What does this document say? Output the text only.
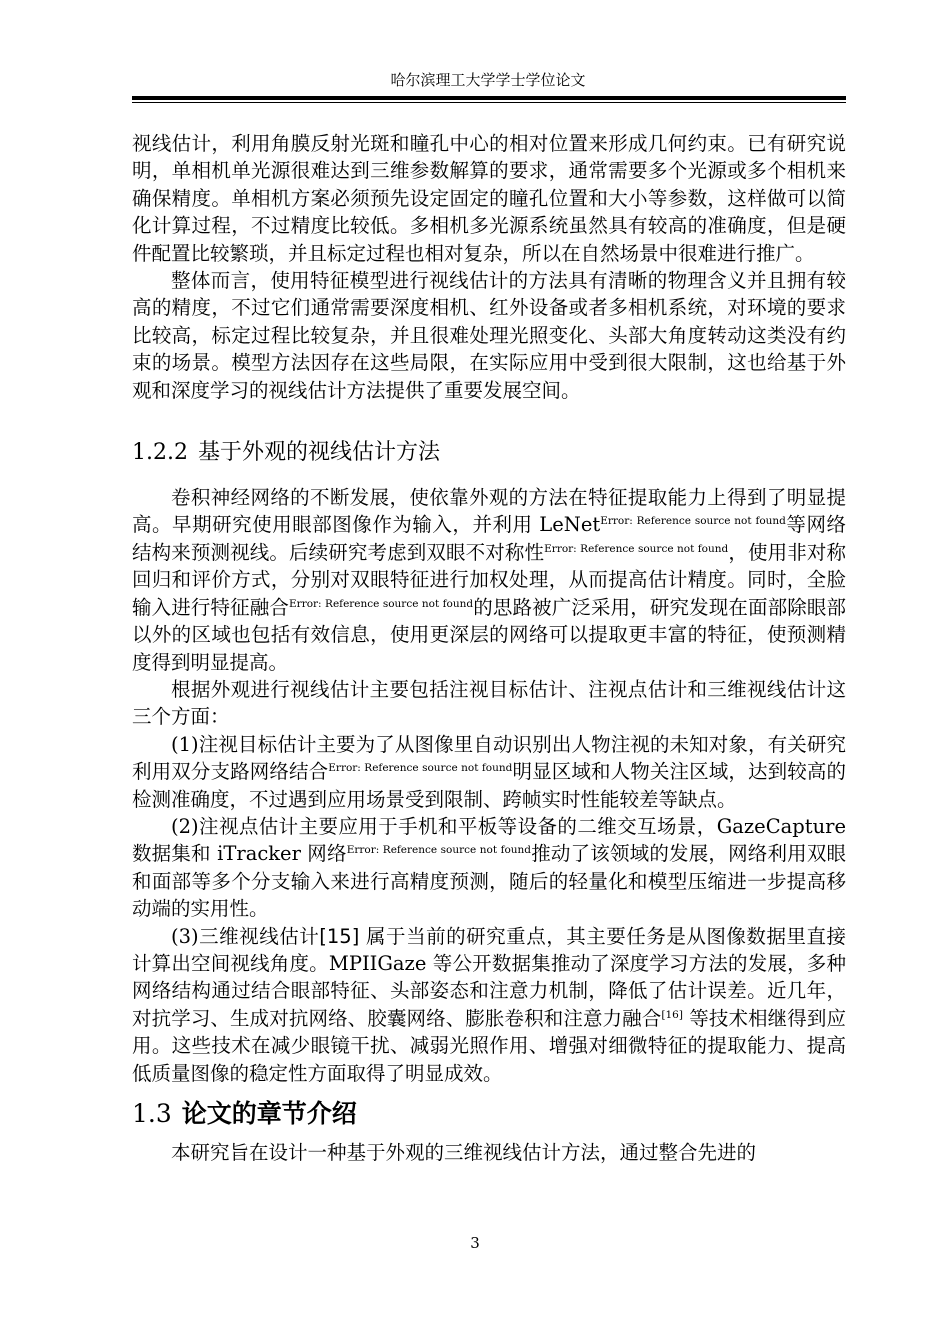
哈尔滨理工大学学士学位论文

视线估计，利用角膜反射光斑和瞳孔中心的相对位置来形成几何约束。已有研究说明，单相机单光源很难达到三维参数解算的要求，通常需要多个光源或多个相机来确保精度。单相机方案必须预先设定固定的瞳孔位置和大小等参数，这样做可以简化计算过程，不过精度比较低。多相机多光源系统虽然具有较高的准确度，但是硬件配置比较繁琐，并且标定过程也相对复杂，所以在自然场景中很难进行推广。

整体而言，使用特征模型进行视线估计的方法具有清晰的物理含义并且拥有较高的精度，不过它们通常需要深度相机、红外设备或者多相机系统，对环境的要求比较高，标定过程比较复杂，并且很难处理光照变化、头部大角度转动这类没有约束的场景。模型方法因存在这些局限，在实际应用中受到很大限制，这也给基于外观和深度学习的视线估计方法提供了重要发展空间。

1.2.2 基于外观的视线估计方法

卷积神经网络的不断发展，使依靠外观的方法在特征提取能力上得到了明显提高。早期研究使用眼部图像作为输入，并利用 LeNet$^{Error: Reference source not found}$等网络结构来预测视线。后续研究考虑到双眼不对称性$^{Error: Reference source not found}$，使用非对称回归和评价方式，分别对双眼特征进行加权处理，从而提高估计精度。同时，全脸输入进行特征融合$^{Error: Reference source not found}$的思路被广泛采用，研究发现在面部除眼部以外的区域也包括有效信息，使用更深层的网络可以提取更丰富的特征，使预测精度得到明显提高。

根据外观进行视线估计主要包括注视目标估计、注视点估计和三维视线估计这三个方面：

(1)注视目标估计主要为了从图像里自动识别出人物注视的未知对象，有关研究利用双分支路网络结合$^{Error: Reference source not found}$明显区域和人物关注区域，达到较高的检测准确度，不过遇到应用场景受到限制、跨帧实时性能较差等缺点。

(2)注视点估计主要应用于手机和平板等设备的二维交互场景，GazeCapture 数据集和 iTracker 网络$^{Error: Reference source not found}$推动了该领域的发展，网络利用双眼和面部等多个分支输入来进行高精度预测，随后的轻量化和模型压缩进一步提高移动端的实用性。

(3)三维视线估计[15] 属于当前的研究重点，其主要任务是从图像数据里直接计算出空间视线角度。MPIIGaze 等公开数据集推动了深度学习方法的发展，多种网络结构通过结合眼部特征、头部姿态和注意力机制，降低了估计误差。近几年，对抗学习、生成对抗网络、胶囊网络、膨胀卷积和注意力融合[16] 等技术相继得到应用。这些技术在减少眼镜干扰、减弱光照作用、增强对细微特征的提取能力、提高低质量图像的稳定性方面取得了明显成效。

1.3 论文的章节介绍

本研究旨在设计一种基于外观的三维视线估计方法，通过整合先进的

3
